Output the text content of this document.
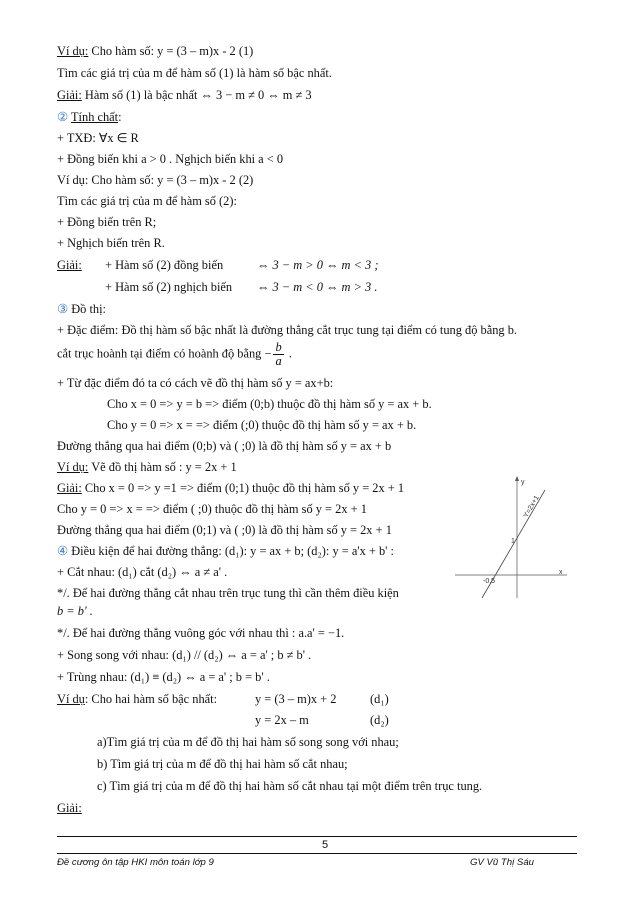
Ví dụ: Cho hàm số: y = (3 – m)x - 2 (1)
Tìm các giá trị của m để hàm số (1) là hàm số bậc nhất.
Giải: Hàm số (1) là bậc nhất ⇔ 3 − m ≠ 0 ⇔ m ≠ 3
② Tính chất:
+ TXĐ: ∀x ∈ R
+ Đồng biến khi a > 0 . Nghịch biến khi a < 0
Ví dụ: Cho hàm số: y = (3 – m)x - 2 (2)
Tìm các giá trị của m để hàm số (2):
+ Đồng biến trên R;
+ Nghịch biến trên R.
Giải: + Hàm số (2) đồng biến	⇔ 3 − m > 0 ⇔ m < 3 ;
+ Hàm số (2) nghịch biến ⇔ 3 − m < 0 ⇔ m > 3 .
③ Đồ thị:
+ Đặc điểm: Đồ thị hàm số bậc nhất là đường thẳng cắt trục tung tại điểm có tung độ bằng b.
cắt trục hoành tại điểm có hoành độ bằng − $\frac{b}{a}$ .
+ Từ đặc điểm đó ta có cách vẽ đồ thị hàm số y = ax+b:
Cho x = 0 => y = b => điểm (0;b) thuộc đồ thị hàm số y = ax + b.
Cho y = 0 => x = => điểm (;0) thuộc đồ thị hàm số y = ax + b.
Đường thẳng qua hai điểm (0;b) và ( ;0) là đồ thị hàm số y = ax + b
Ví dụ: Vẽ đồ thị hàm số : y = 2x + 1
Giải: Cho x = 0 => y =1 => điểm (0;1) thuộc đồ thị hàm số y = 2x + 1
Cho y = 0 => x = => điểm ( ;0) thuộc đồ thị hàm số y = 2x + 1
Đường thẳng qua hai điểm (0;1) và ( ;0) là đồ thị hàm số y = 2x + 1
④ Điều kiện để hai đường thẳng: (d₁): y = ax + b; (d₂): y = a'x + b' :
+ Cắt nhau: (d₁) cắt (d₂) ⇔ a ≠ a' .
*/. Để hai đường thẳng cắt nhau trên trục tung thì cần thêm điều kiện
b = b' .
*/. Để hai đường thẳng vuông góc với nhau thì : a.a' = −1.
+ Song song với nhau: (d₁) // (d₂) ⇔ a = a' ; b ≠ b' .
+ Trùng nhau: (d₁) ≡ (d₂) ⇔ a = a' ; b = b' .
Ví dụ: Cho hai hàm số bậc nhất:	y = (3 – m)x + 2	(d₁)
y = 2x – m	(d₂)
a)Tìm giá trị của m để đồ thị hai hàm số song song với nhau;
b) Tìm giá trị của m để đồ thị hai hàm số cắt nhau;
c) Tìm giá trị của m để đồ thị hai hàm số cắt nhau tại một điểm trên trục tung.
Giải:
y
x
1
-0,5
Y=2x+1
5
Đề cương ôn tập HKI môn toán lớp 9	GV Vũ Thị Sáu
